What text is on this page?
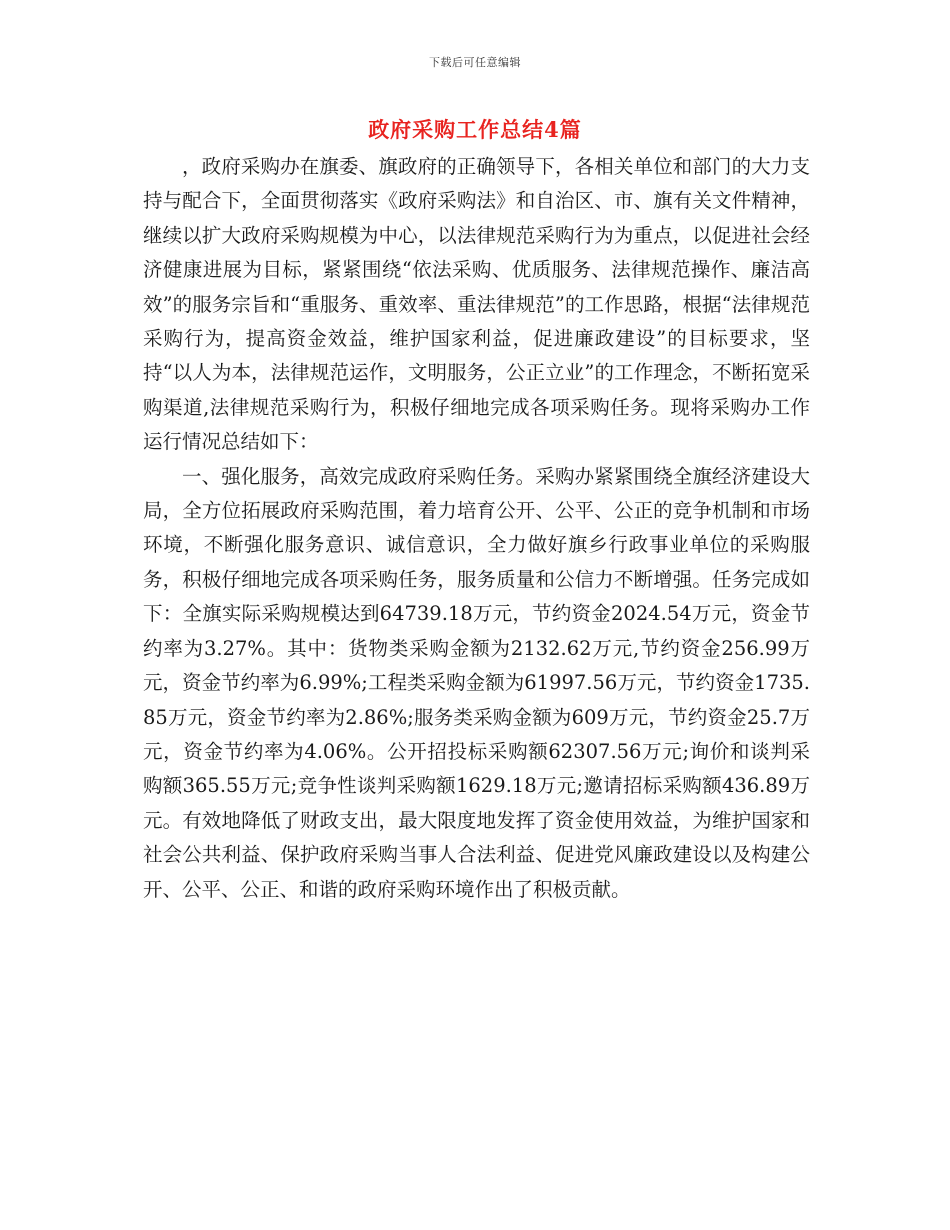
下载后可任意编辑
政府采购工作总结4篇

，政府采购办在旗委、旗政府的正确领导下，各相关单位和部门的大力支持与配合下，全面贯彻落实《政府采购法》和自治区、市、旗有关文件精神，继续以扩大政府采购规模为中心，以法律规范采购行为为重点，以促进社会经济健康进展为目标，紧紧围绕“依法采购、优质服务、法律规范操作、廉洁高效”的服务宗旨和“重服务、重效率、重法律规范”的工作思路，根据“法律规范采购行为，提高资金效益，维护国家利益，促进廉政建设”的目标要求，坚持“以人为本，法律规范运作，文明服务，公正立业”的工作理念，不断拓宽采购渠道,法律规范采购行为，积极仔细地完成各项采购任务。现将采购办工作运行情况总结如下：

一、强化服务，高效完成政府采购任务。采购办紧紧围绕全旗经济建设大局，全方位拓展政府采购范围，着力培育公开、公平、公正的竞争机制和市场环境，不断强化服务意识、诚信意识，全力做好旗乡行政事业单位的采购服务，积极仔细地完成各项采购任务，服务质量和公信力不断增强。任务完成如下：全旗实际采购规模达到64739.18万元，节约资金2024.54万元，资金节约率为3.27%。其中：货物类采购金额为2132.62万元,节约资金256.99万元，资金节约率为6.99%;工程类采购金额为61997.56万元，节约资金1735.85万元，资金节约率为2.86%;服务类采购金额为609万元，节约资金25.7万元，资金节约率为4.06%。公开招投标采购额62307.56万元;询价和谈判采购额365.55万元;竞争性谈判采购额1629.18万元;邀请招标采购额436.89万元。有效地降低了财政支出，最大限度地发挥了资金使用效益，为维护国家和社会公共利益、保护政府采购当事人合法利益、促进党风廉政建设以及构建公开、公平、公正、和谐的政府采购环境作出了积极贡献。
